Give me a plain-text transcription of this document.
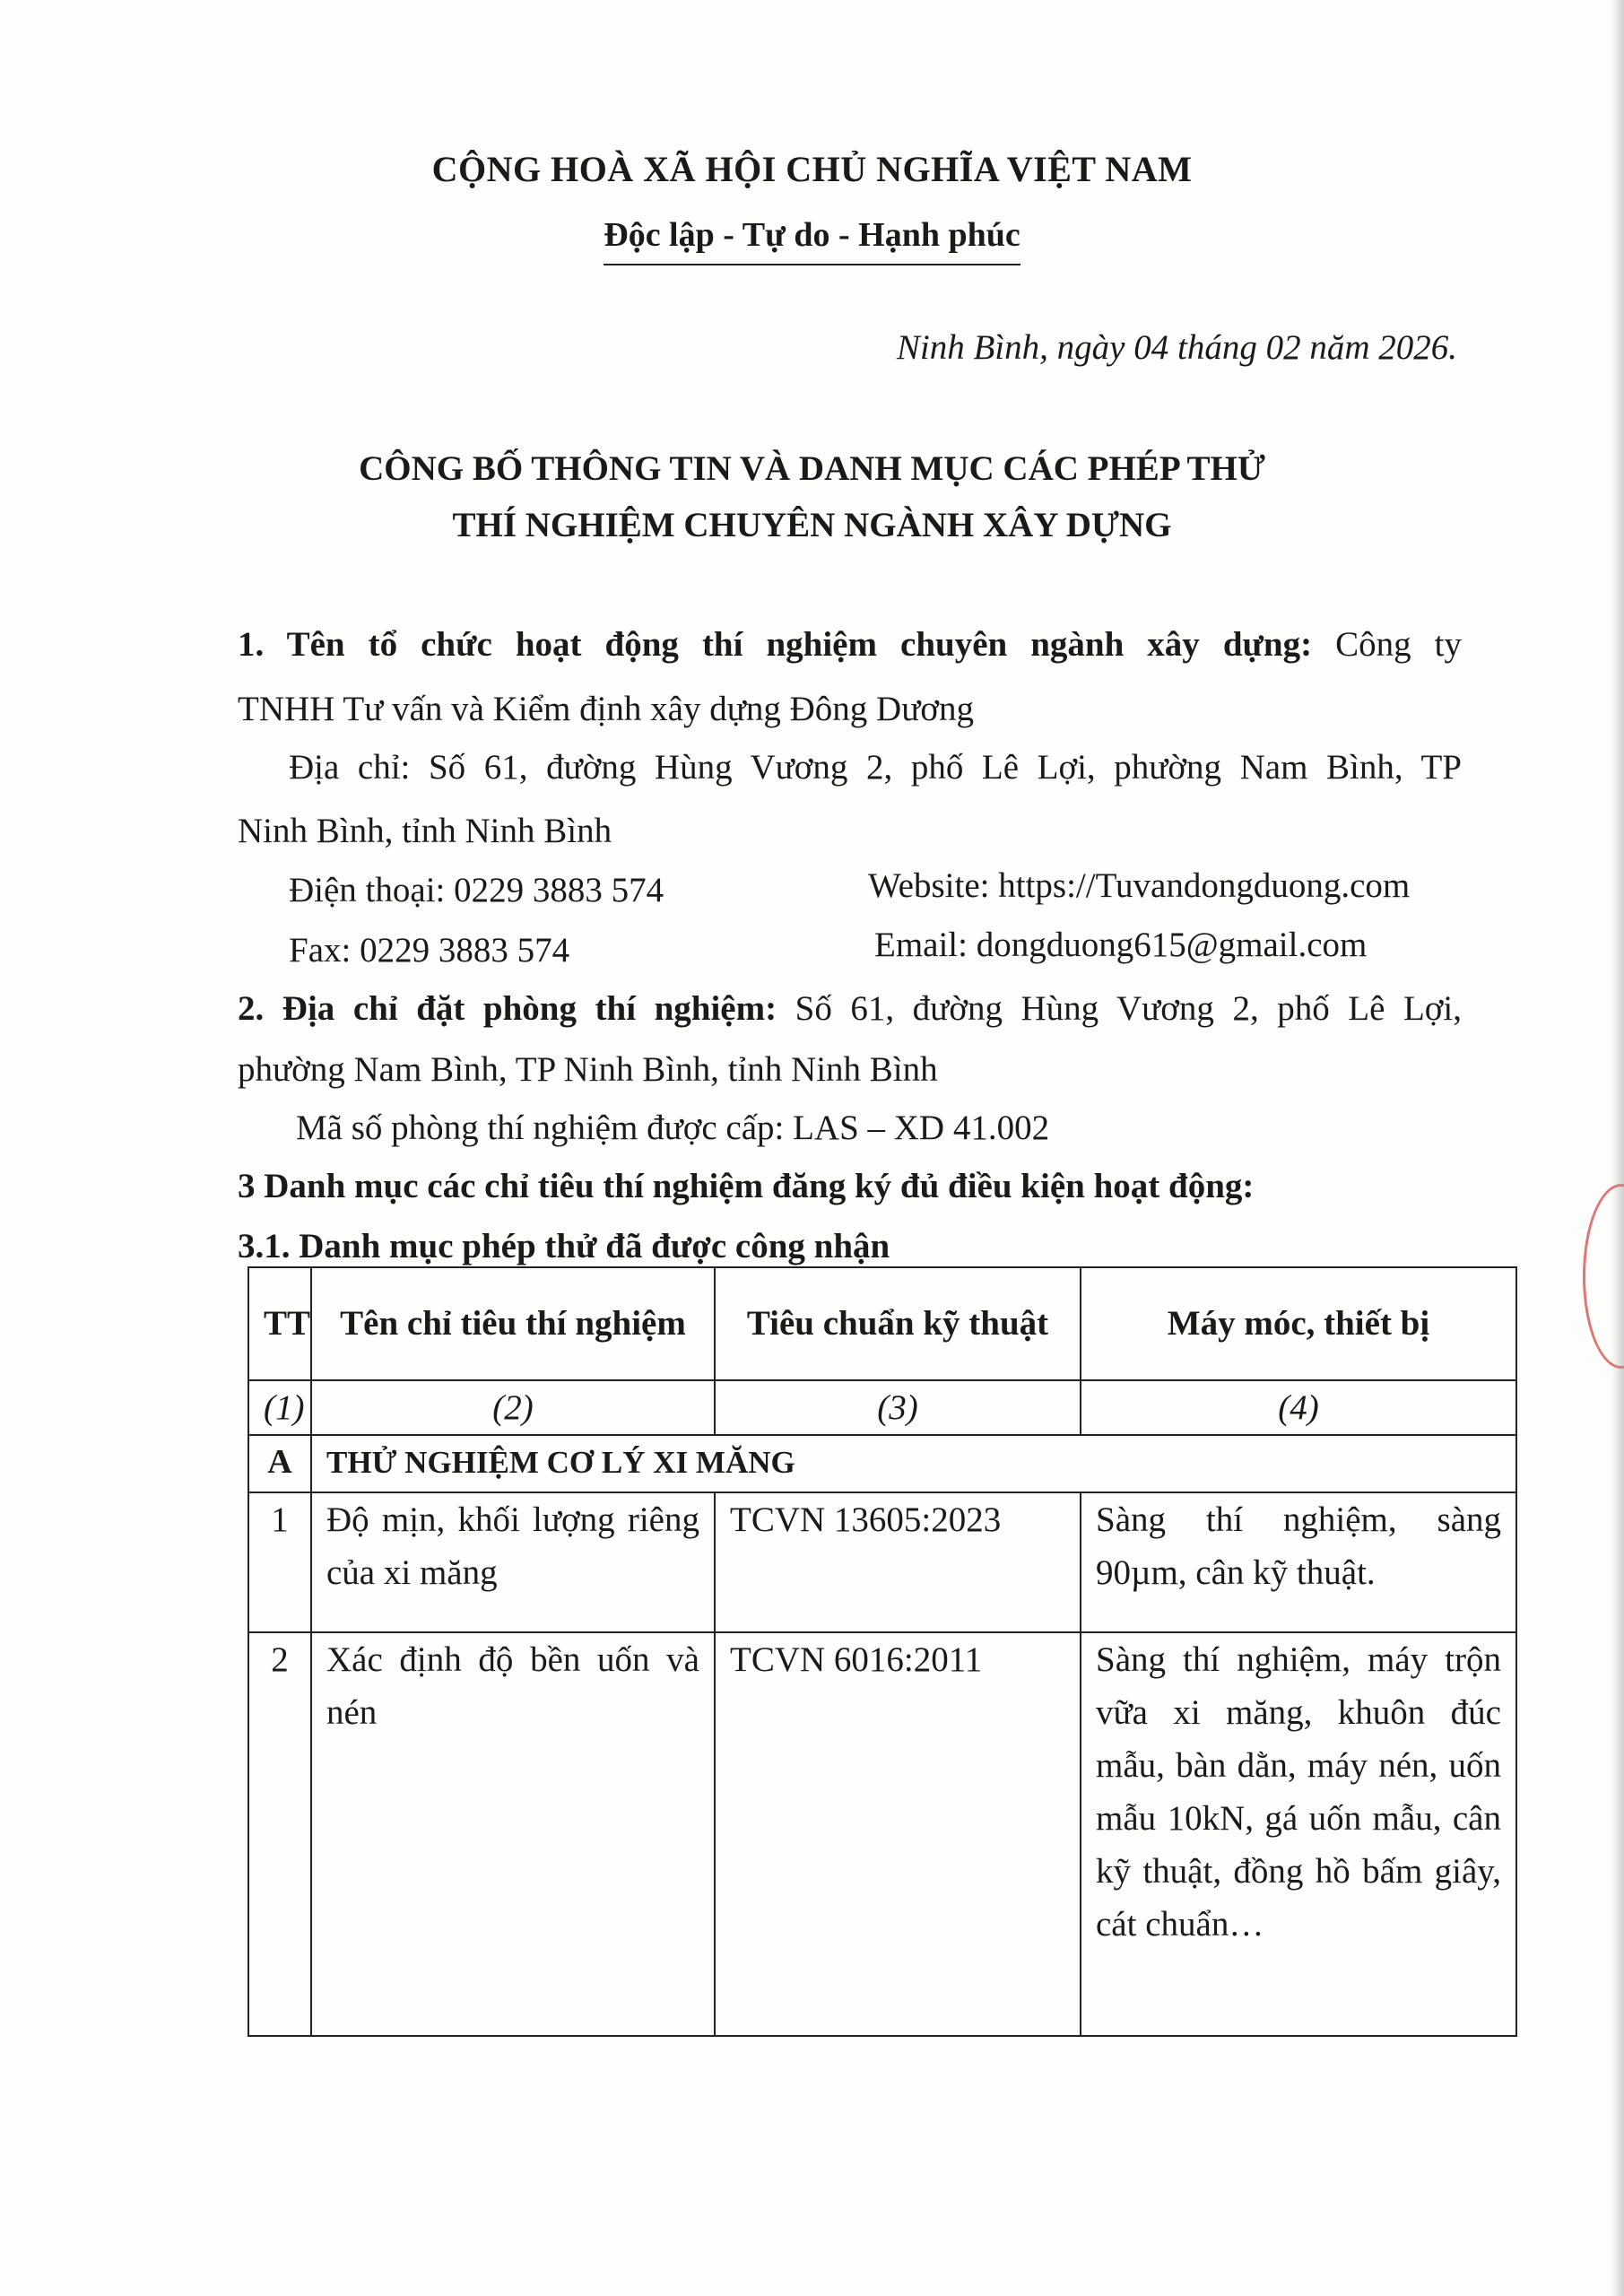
CỘNG HOÀ XÃ HỘI CHỦ NGHĨA VIỆT NAM
Độc lập - Tự do - Hạnh phúc
Ninh Bình, ngày 04 tháng 02 năm 2026.
CÔNG BỐ THÔNG TIN VÀ DANH MỤC CÁC PHÉP THỬ
THÍ NGHIỆM CHUYÊN NGÀNH XÂY DỰNG
1. Tên tổ chức hoạt động thí nghiệm chuyên ngành xây dựng: Công ty
TNHH Tư vấn và Kiểm định xây dựng Đông Dương
Địa chỉ: Số 61, đường Hùng Vương 2, phố Lê Lợi, phường Nam Bình, TP
Ninh Bình, tỉnh Ninh Bình
Điện thoại: 0229 3883 574	Website: https://Tuvandongduong.com
Fax: 0229 3883 574	Email: dongduong615@gmail.com
2. Địa chỉ đặt phòng thí nghiệm: Số 61, đường Hùng Vương 2, phố Lê Lợi,
phường Nam Bình, TP Ninh Bình, tỉnh Ninh Bình
Mã số phòng thí nghiệm được cấp: LAS – XD 41.002
3 Danh mục các chỉ tiêu thí nghiệm đăng ký đủ điều kiện hoạt động:
3.1. Danh mục phép thử đã được công nhận
TT	Tên chỉ tiêu thí nghiệm	Tiêu chuẩn kỹ thuật	Máy móc, thiết bị
(1)	(2)	(3)	(4)
A	THỬ NGHIỆM CƠ LÝ XI MĂNG		
1	Độ mịn, khối lượng riêng của xi măng	TCVN 13605:2023	Sàng thí nghiệm, sàng 90µm, cân kỹ thuật.
2	Xác định độ bền uốn và nén	TCVN 6016:2011	Sàng thí nghiệm, máy trộn vữa xi măng, khuôn đúc mẫu, bàn dằn, máy nén, uốn mẫu 10kN, gá uốn mẫu, cân kỹ thuật, đồng hồ bấm giây, cát chuẩn…
